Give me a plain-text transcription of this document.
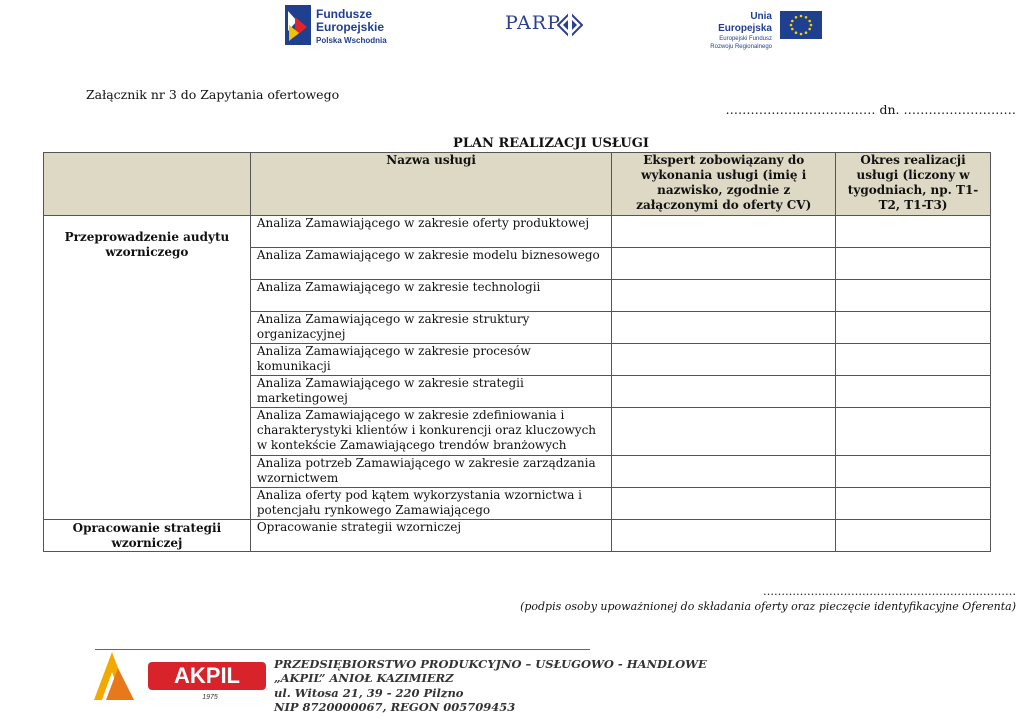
Fundusze
Europejskie
Polska Wschodnia
PARP	Unia Europejska
Europejski Fundusz
Rozwoju Regionalnego
Załącznik nr 3 do Zapytania ofertowego
……………………………… dn. ………………………
PLAN REALIZACJI USŁUGI
	Nazwa usługi	Ekspert zobowiązany do wykonania usługi (imię i nazwisko, zgodnie z załączonymi do oferty CV)	Okres realizacji usługi (liczony w tygodniach, np. T1-T2, T1-T3)
Przeprowadzenie audytu wzorniczego	Analiza Zamawiającego w zakresie oferty produktowej		
	Analiza Zamawiającego w zakresie modelu biznesowego		
	Analiza Zamawiającego w zakresie technologii		
	Analiza Zamawiającego w zakresie struktury organizacyjnej		
	Analiza Zamawiającego w zakresie procesów komunikacji		
	Analiza Zamawiającego w zakresie strategii marketingowej		
	Analiza Zamawiającego w zakresie zdefiniowania i charakterystyki klientów i konkurencji oraz kluczowych w kontekście Zamawiającego trendów branżowych		
	Analiza potrzeb Zamawiającego w zakresie zarządzania wzornictwem		
	Analiza oferty pod kątem wykorzystania wzornictwa i potencjału rynkowego Zamawiającego		
Opracowanie strategii wzorniczej	Opracowanie strategii wzorniczej		
……………………………………………………………
(podpis osoby upoważnionej do składania oferty oraz pieczęcie identyfikacyjne Oferenta)
AKPIL
1975
PRZEDSIĘBIORSTWO PRODUKCYJNO – USŁUGOWO - HANDLOWE
„AKPIL” ANIOŁ KAZIMIERZ
ul. Witosa 21, 39 - 220 Pilzno
NIP 8720000067, REGON 005709453
